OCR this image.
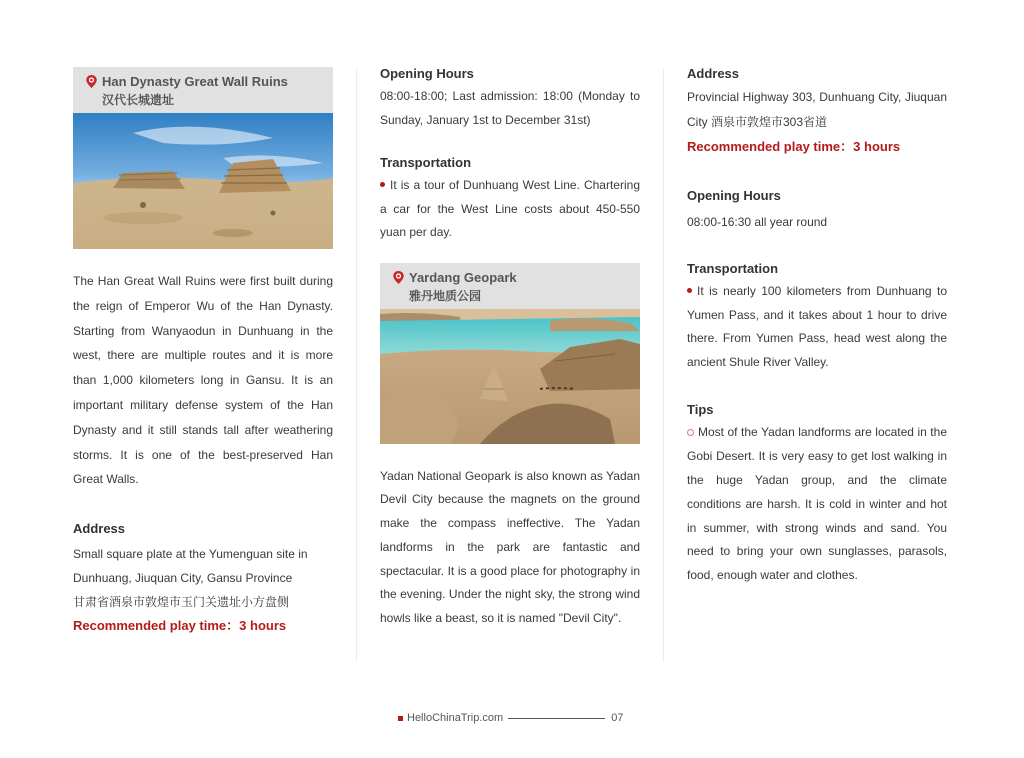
Han Dynasty Great Wall Ruins
汉代长城遗址

The Han Great Wall Ruins were first built during the reign of Emperor Wu of the Han Dynasty. Starting from Wanyaodun in Dunhuang in the west, there are multiple routes and it is more than 1,000 kilometers long in Gansu. It is an important military defense system of the Han Dynasty and it still stands tall after weathering storms. It is one of the best-preserved Han Great Walls.

Address
Small square plate at the Yumenguan site in
Dunhuang, Jiuquan City, Gansu Province
甘肃省酒泉市敦煌市玉门关遗址小方盘侧
Recommended play time：3 hours
Opening Hours

08:00-18:00; Last admission: 18:00 (Monday to Sunday, January 1st to December 31st)

Transportation

It is a tour of Dunhuang West Line. Chartering a car for the West Line costs about 450-550 yuan per day.

Yardang Geopark
雅丹地质公园

Yadan National Geopark is also known as Yadan Devil City because the magnets on the ground make the compass ineffective. The Yadan landforms in the park are fantastic and spectacular. It is a good place for photography in the evening. Under the night sky, the strong wind howls like a beast, so it is named "Devil City".

Address

Provincial Highway 303, Dunhuang City, Jiuquan City 酒泉市敦煌市303省道

Recommended play time：3 hours
Opening Hours
08:00-16:30 all year round
Transportation

It is nearly 100 kilometers from Dunhuang to Yumen Pass, and it takes about 1 hour to drive there. From Yumen Pass, head west along the ancient Shule River Valley.

Tips

Most of the Yadan landforms are located in the Gobi Desert. It is very easy to get lost walking in the huge Yadan group, and the climate conditions are harsh. It is cold in winter and hot in summer, with strong winds and sand. You need to bring your own sunglasses, parasols, food, enough water and clothes.

HelloChinaTrip.com	07
